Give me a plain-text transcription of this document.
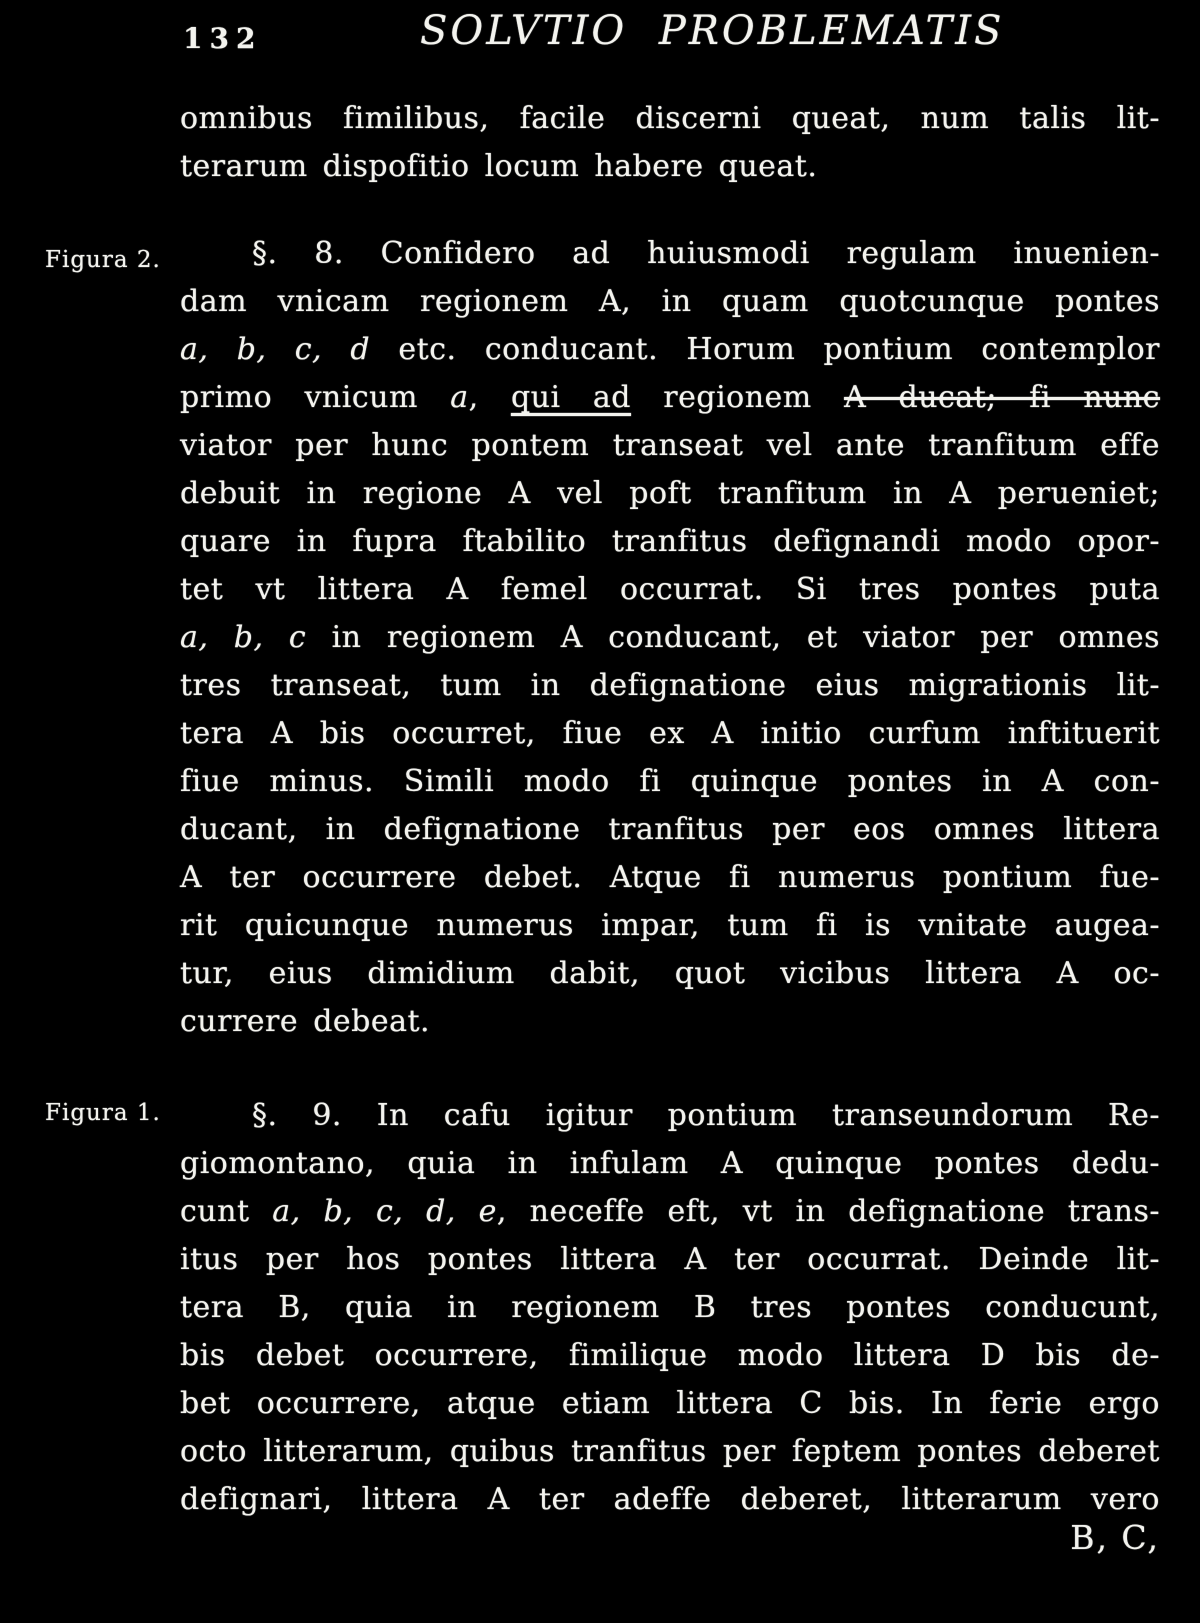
132	SOLVTIO PROBLEMATIS
Figura 2.
Figura 1.
omnibus fimilibus, facile discerni queat, num talis lit-
terarum dispofitio locum habere queat.
§. 8. Confidero ad huiusmodi regulam inuenien-
dam vnicam regionem A, in quam quotcunque pontes
a, b, c, d etc. conducant. Horum pontium contemplor
primo vnicum a, qui ad regionem A ducat; fi nunc
viator per hunc pontem transeat vel ante tranfitum effe
debuit in regione A vel poft tranfitum in A perueniet;
quare in fupra ftabilito tranfitus defignandi modo opor-
tet vt littera A femel occurrat. Si tres pontes puta
a, b, c in regionem A conducant, et viator per omnes
tres transeat, tum in defignatione eius migrationis lit-
tera A bis occurret, fiue ex A initio curfum inftituerit
fiue minus. Simili modo fi quinque pontes in A con-
ducant, in defignatione tranfitus per eos omnes littera
A ter occurrere debet. Atque fi numerus pontium fue-
rit quicunque numerus impar, tum fi is vnitate augea-
tur, eius dimidium dabit, quot vicibus littera A oc-
currere debeat.
§. 9. In cafu igitur pontium transeundorum Re-
giomontano, quia in infulam A quinque pontes dedu-
cunt a, b, c, d, e, neceffe eft, vt in defignatione trans-
itus per hos pontes littera A ter occurrat. Deinde lit-
tera B, quia in regionem B tres pontes conducunt,
bis debet occurrere, fimilique modo littera D bis de-
bet occurrere, atque etiam littera C bis. In ferie ergo
octo litterarum, quibus tranfitus per feptem pontes deberet
defignari, littera A ter adeffe deberet, litterarum vero
B, C,
